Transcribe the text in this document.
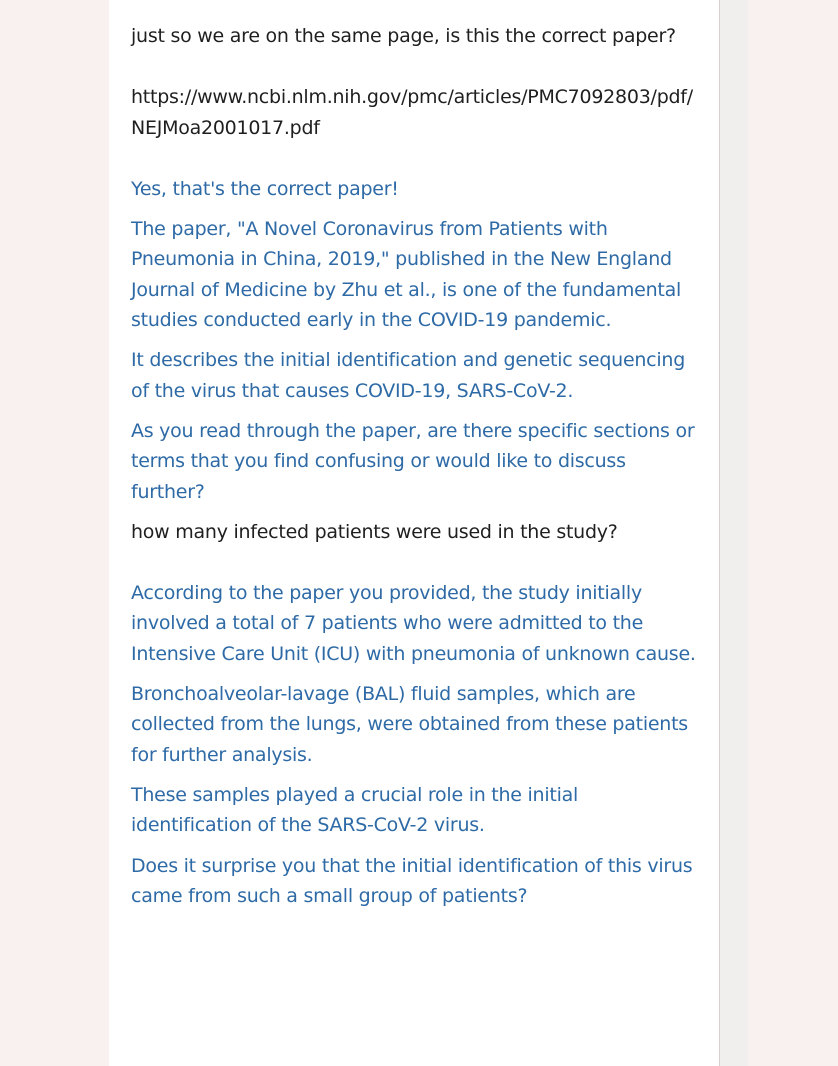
just so we are on the same page, is this the correct paper?

https://www.ncbi.nlm.nih.gov/pmc/articles/PMC7092803/pdf/NEJMoa2001017.pdf

Yes, that's the correct paper!

The paper, "A Novel Coronavirus from Patients with Pneumonia in China, 2019," published in the New England Journal of Medicine by Zhu et al., is one of the fundamental studies conducted early in the COVID-19 pandemic.

It describes the initial identification and genetic sequencing of the virus that causes COVID-19, SARS-CoV-2.

As you read through the paper, are there specific sections or terms that you find confusing or would like to discuss further?

how many infected patients were used in the study?

According to the paper you provided, the study initially involved a total of 7 patients who were admitted to the Intensive Care Unit (ICU) with pneumonia of unknown cause.

Bronchoalveolar-lavage (BAL) fluid samples, which are collected from the lungs, were obtained from these patients for further analysis.

These samples played a crucial role in the initial identification of the SARS-CoV-2 virus.

Does it surprise you that the initial identification of this virus came from such a small group of patients?
